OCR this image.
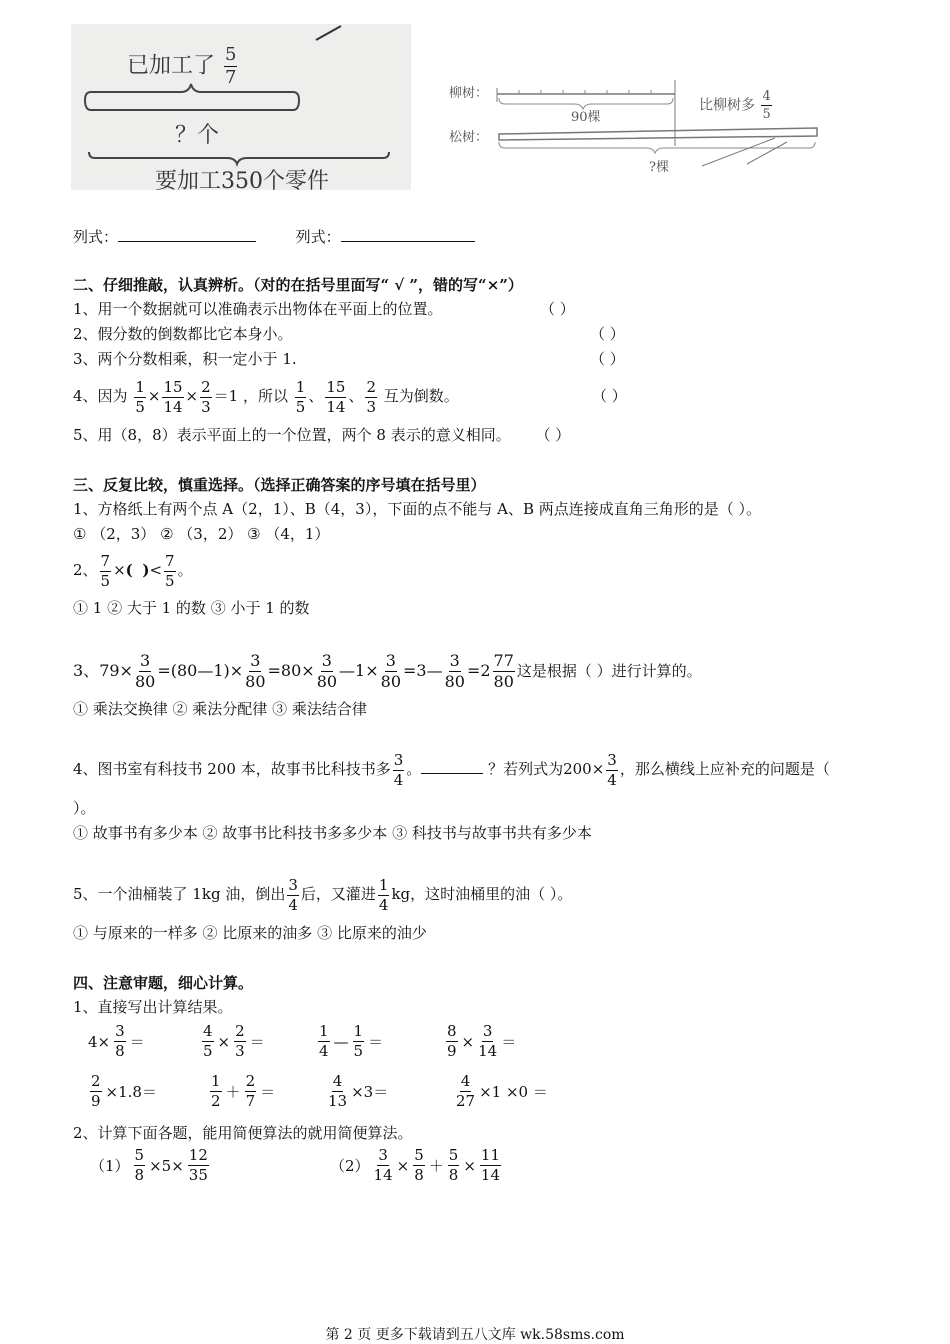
已加工了 $\frac{5}{7}$
？个
要加工350个零件
柳树：
松树：
90棵
比柳树多 $\frac{4}{5}$
?棵
列式：	列式：
二、仔细推敲，认真辨析。（对的在括号里面写“ √ ”，错的写“×”）
1、用一个数据就可以准确表示出物体在平面上的位置。	（ ）
2、假分数的倒数都比它本身小。	（ ）
3、两个分数相乘，积一定小于 1.	（ ）
4、因为 $\frac{1}{5} \times \frac{15}{14} \times \frac{2}{3} =1$ ，所以 $\frac{1}{5}$ 、 $\frac{15}{14}$ 、 $\frac{2}{3}$ 互为倒数。	（ ）
5、用（8，8）表示平面上的一个位置，两个 8 表示的意义相同。 （ ）
三、反复比较，慎重选择。（选择正确答案的序号填在括号里）
1、方格纸上有两个点 A（2，1）、B（4，3），下面的点不能与 A、B 两点连接成直角三角形的是（ ）。
① （2，3） ② （3，2） ③ （4，1）
2、 $\frac{7}{5}$ ×( )< $\frac{7}{5}$ 。
① 1 ② 大于 1 的数 ③ 小于 1 的数
3、$79\times \frac{3}{80}$ =(80—1)× $\frac{3}{80} =80\times \frac{3}{80}$ —1× $\frac{3}{80}$ =3— $\frac{3}{80} =2 \frac{77}{80}$ 这是根据（ ）进行计算的。
① 乘法交换律 ② 乘法分配律 ③ 乘法结合律
4、图书室有科技书 200 本，故事书比科技书多 $\frac{3}{4}$ 。	？若列式为$200\times \frac{3}{4}$ ，那么横线上应补充的问题是（
）。
① 故事书有多少本 ② 故事书比科技书多多少本 ③ 科技书与故事书共有多少本
5、一个油桶装了 1kg 油，倒出 $\frac{3}{4}$ 后，又灌进 $\frac{1}{4}$ kg，这时油桶里的油（ ）。
① 与原来的一样多 ② 比原来的油多 ③ 比原来的油少
四、注意审题，细心计算。
1、直接写出计算结果。
$4\times \frac{3}{8}$ ＝	$\frac{4}{5} \times \frac{2}{3}$ ＝	$\frac{1}{4}$ — $\frac{1}{5}$ ＝	$\frac{8}{9} \times \frac{3}{14}$ ＝
$\frac{2}{9} \times 1.8=$	$\frac{1}{2} + \frac{2}{7}$ ＝	$\frac{4}{13} \times 3=$	$\frac{4}{27} \times 1 \times 0$ ＝
2、计算下面各题，能用简便算法的就用简便算法。
$(1) \frac{5}{8} \times 5\times \frac{12}{35}$	$(2) \frac{3}{14} \times \frac{5}{8} + \frac{5}{8} \times \frac{11}{14}$
第 2 页 更多下载请到五八文库 wk.58sms.com
